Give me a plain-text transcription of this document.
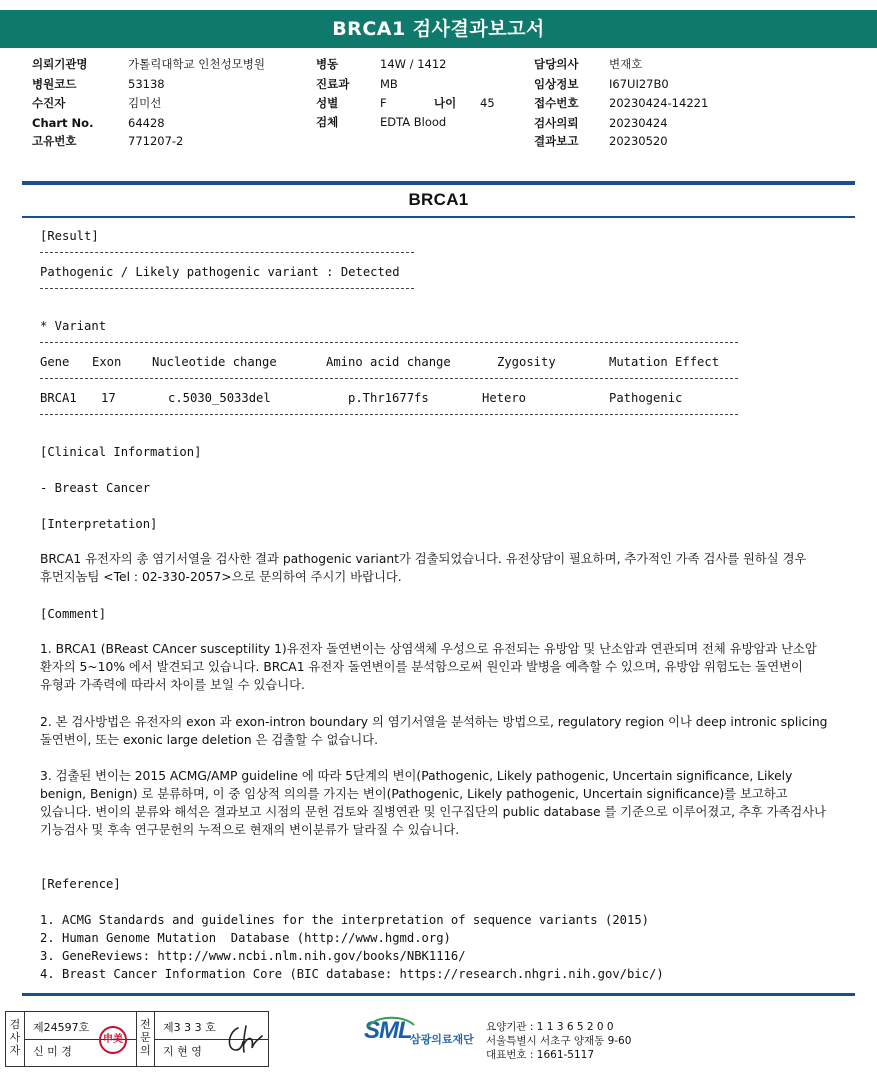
BRCA1 검사결과보고서
의뢰기관명	가톨릭대학교 인천성모병원
병원코드	53138
수진자	김미선
Chart No.	64428
고유번호	771207-2
병동	14W / 1412
진료과	MB
성별	F	나이 45
검체	EDTA Blood
담당의사	변재호
임상정보	I67UI27B0
접수번호	20230424-14221
검사의뢰	20230424
결과보고	20230520
BRCA1
[Result]
Pathogenic / Likely pathogenic variant : Detected
* Variant
Gene Exon	Nucleotide change	Amino acid change	Zygosity	Mutation Effect
BRCA1 17	c.5030_5033del	p.Thr1677fs	Hetero	Pathogenic
[Clinical Information]
- Breast Cancer
[Interpretation]
BRCA1 유전자의 총 염기서열을 검사한 결과 pathogenic variant가 검출되었습니다. 유전상담이 필요하며, 추가적인 가족 검사를 원하실 경우 휴먼지놈팀 <Tel : 02-330-2057>으로 문의하여 주시기 바랍니다.
[Comment]
1. BRCA1 (BReast CAncer susceptility 1)유전자 돌연변이는 상염색체 우성으로 유전되는 유방암 및 난소암과 연관되며 전체 유방암과 난소암 환자의 5~10% 에서 발견되고 있습니다. BRCA1 유전자 돌연변이를 분석함으로써 원인과 발병을 예측할 수 있으며, 유방암 위험도는 돌연변이 유형과 가족력에 따라서 차이를 보일 수 있습니다.
2. 본 검사방법은 유전자의 exon 과 exon-intron boundary 의 염기서열을 분석하는 방법으로, regulatory region 이나 deep intronic splicing 돌연변이, 또는 exonic large deletion 은 검출할 수 없습니다.
3. 검출된 변이는 2015 ACMG/AMP guideline 에 따라 5단계의 변이(Pathogenic, Likely pathogenic, Uncertain significance, Likely benign, Benign) 로 분류하며, 이 중 임상적 의의를 가지는 변이(Pathogenic, Likely pathogenic, Uncertain significance)를 보고하고 있습니다. 변이의 분류와 해석은 결과보고 시점의 문헌 검토와 질병연관 및 인구집단의 public database 를 기준으로 이루어졌고, 추후 가족검사나 기능검사 및 후속 연구문헌의 누적으로 현재의 변이분류가 달라질 수 있습니다.
[Reference]
1. ACMG Standards and guidelines for the interpretation of sequence variants (2015)
2. Human Genome Mutation  Database (http://www.hgmd.org)
3. GeneReviews: http://www.ncbi.nlm.nih.gov/books/NBK1116/
4. Breast Cancer Information Core (BIC database: https://research.nhgri.nih.gov/bic/)
검사자
제24597호
신 미 경
申美
전문의
제3 3 3 호
지 현 영
SML
삼광의료재단
요양기관 : 1 1 3 6 5 2 0 0
서울특별시 서초구 양재동 9-60
대표번호 : 1661-5117
